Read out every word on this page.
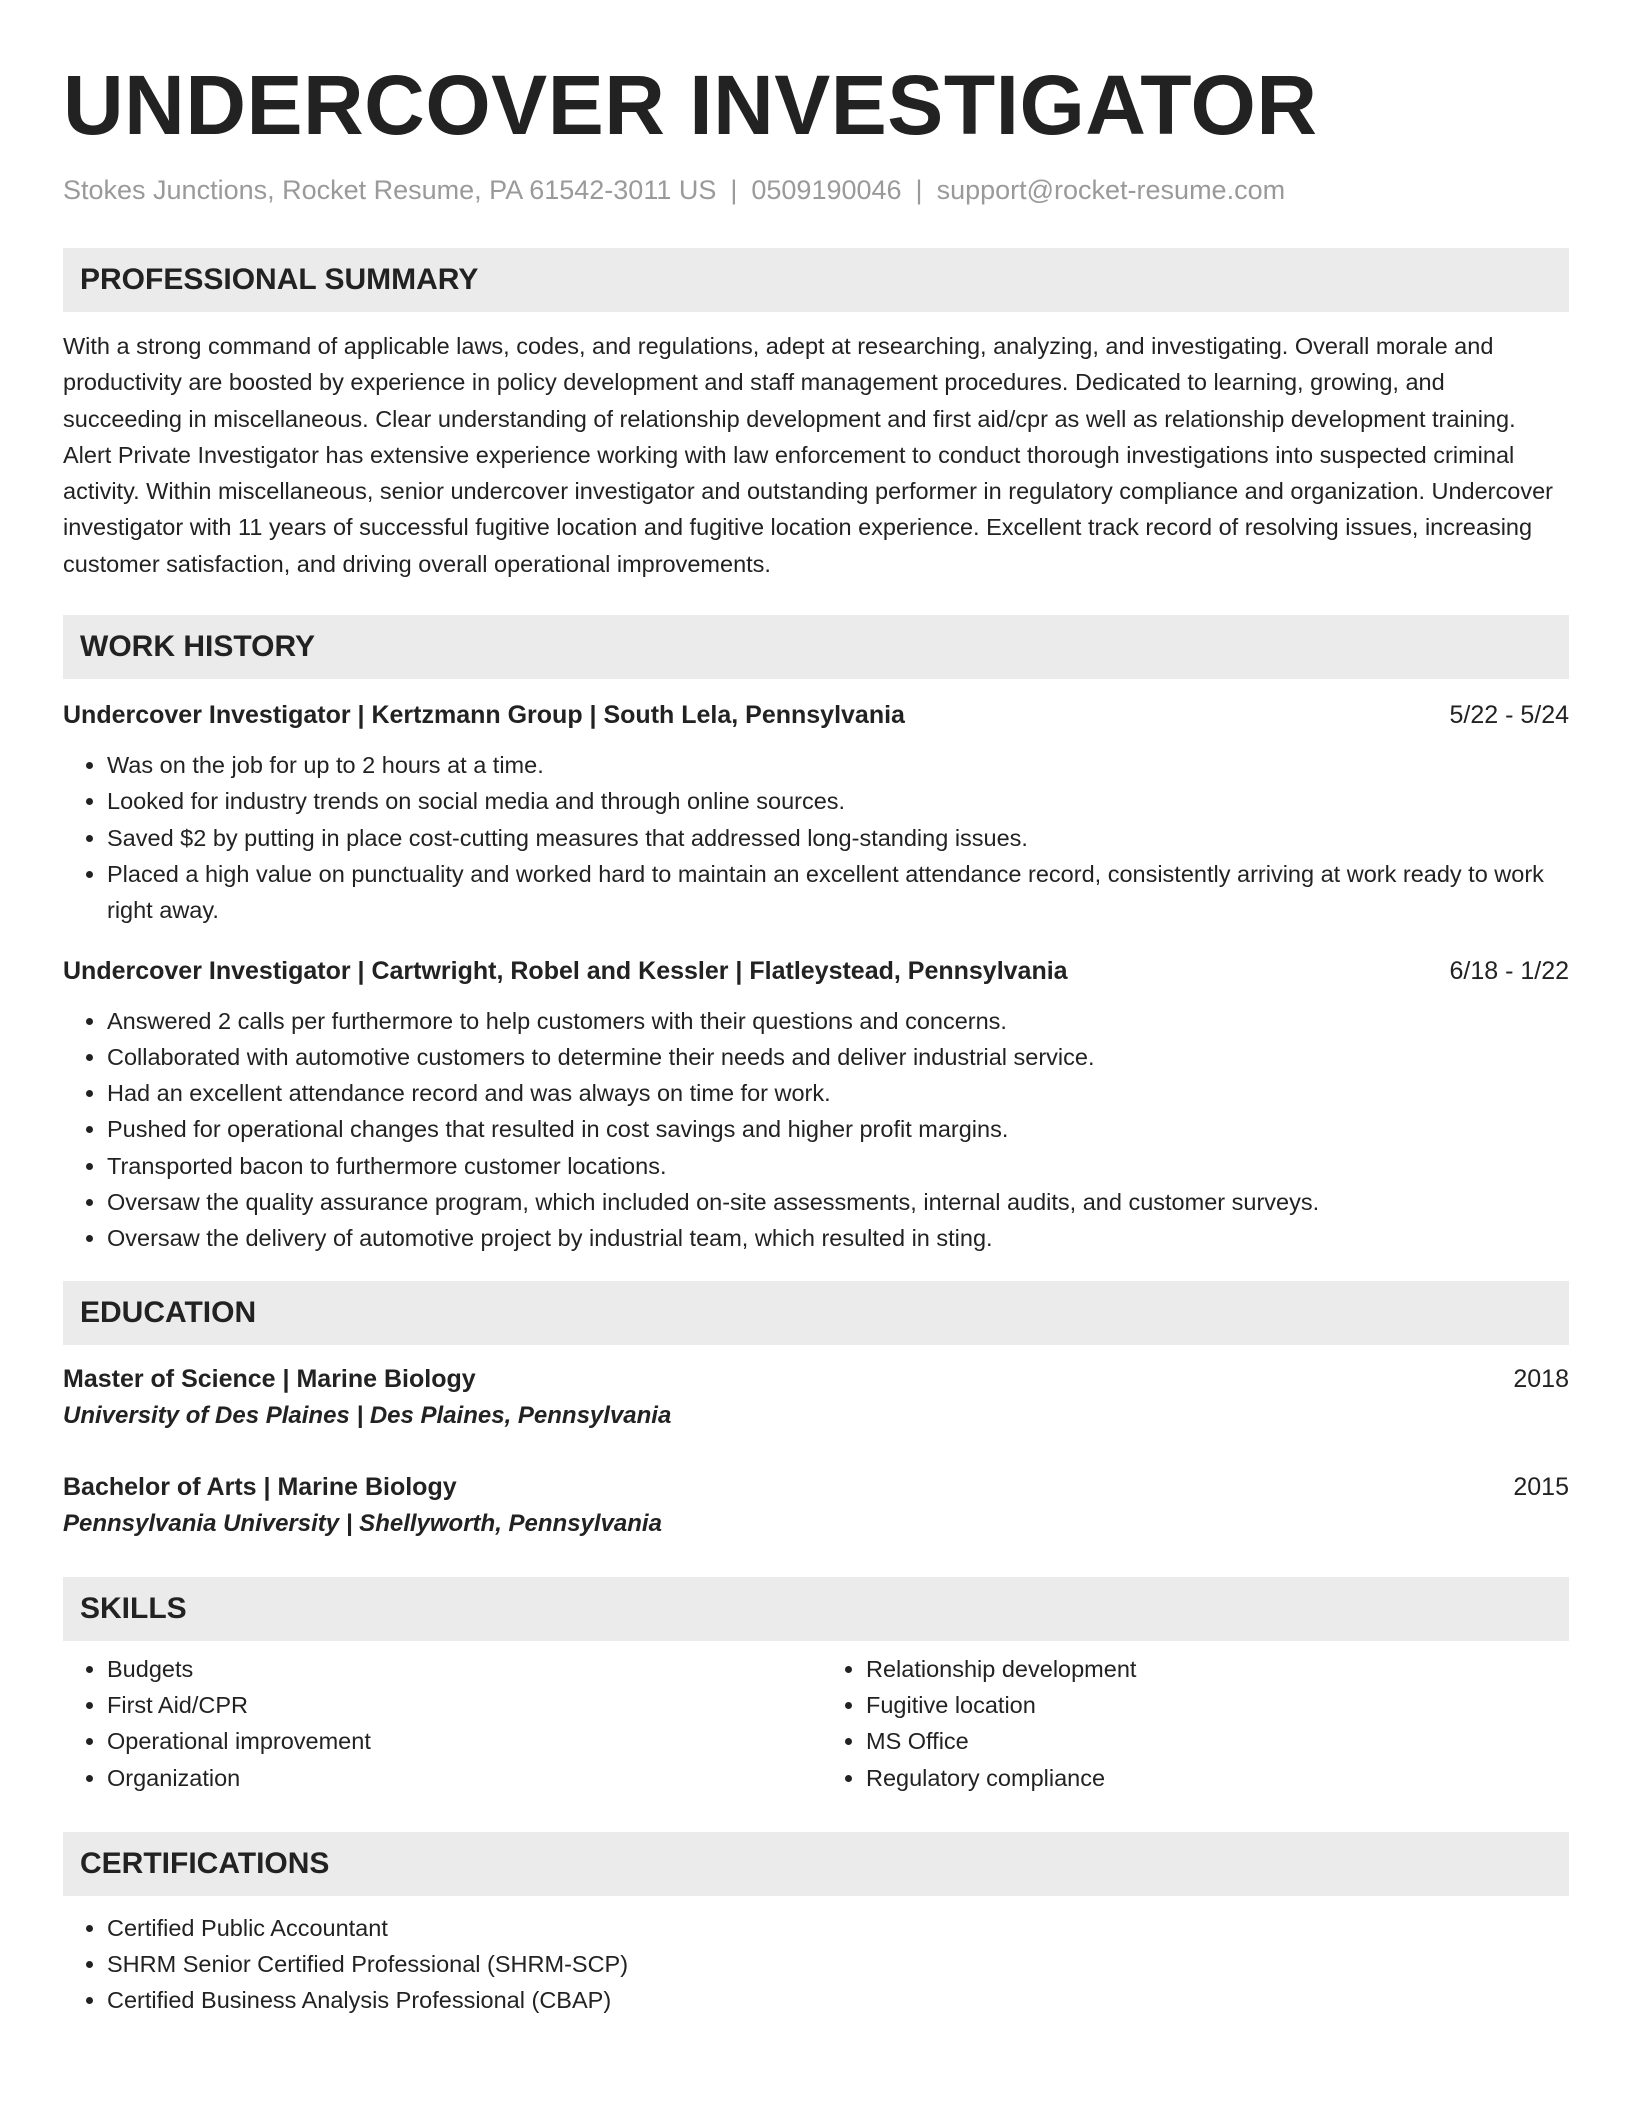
UNDERCOVER INVESTIGATOR
Stokes Junctions, Rocket Resume, PA 61542-3011 US | 0509190046 | support@rocket-resume.com
PROFESSIONAL SUMMARY
With a strong command of applicable laws, codes, and regulations, adept at researching, analyzing, and investigating. Overall morale and productivity are boosted by experience in policy development and staff management procedures. Dedicated to learning, growing, and succeeding in miscellaneous. Clear understanding of relationship development and first aid/cpr as well as relationship development training. Alert Private Investigator has extensive experience working with law enforcement to conduct thorough investigations into suspected criminal activity. Within miscellaneous, senior undercover investigator and outstanding performer in regulatory compliance and organization. Undercover investigator with 11 years of successful fugitive location and fugitive location experience. Excellent track record of resolving issues, increasing customer satisfaction, and driving overall operational improvements.
WORK HISTORY
Undercover Investigator | Kertzmann Group | South Lela, Pennsylvania	5/22 - 5/24
• Was on the job for up to 2 hours at a time.
• Looked for industry trends on social media and through online sources.
• Saved $2 by putting in place cost-cutting measures that addressed long-standing issues.
• Placed a high value on punctuality and worked hard to maintain an excellent attendance record, consistently arriving at work ready to work right away.
Undercover Investigator | Cartwright, Robel and Kessler | Flatleystead, Pennsylvania	6/18 - 1/22
• Answered 2 calls per furthermore to help customers with their questions and concerns.
• Collaborated with automotive customers to determine their needs and deliver industrial service.
• Had an excellent attendance record and was always on time for work.
• Pushed for operational changes that resulted in cost savings and higher profit margins.
• Transported bacon to furthermore customer locations.
• Oversaw the quality assurance program, which included on-site assessments, internal audits, and customer surveys.
• Oversaw the delivery of automotive project by industrial team, which resulted in sting.
EDUCATION
Master of Science | Marine Biology	2018
University of Des Plaines | Des Plaines, Pennsylvania
Bachelor of Arts | Marine Biology	2015
Pennsylvania University | Shellyworth, Pennsylvania
SKILLS
• Budgets
• First Aid/CPR
• Operational improvement
• Organization
• Relationship development
• Fugitive location
• MS Office
• Regulatory compliance
CERTIFICATIONS
• Certified Public Accountant
• SHRM Senior Certified Professional (SHRM-SCP)
• Certified Business Analysis Professional (CBAP)
